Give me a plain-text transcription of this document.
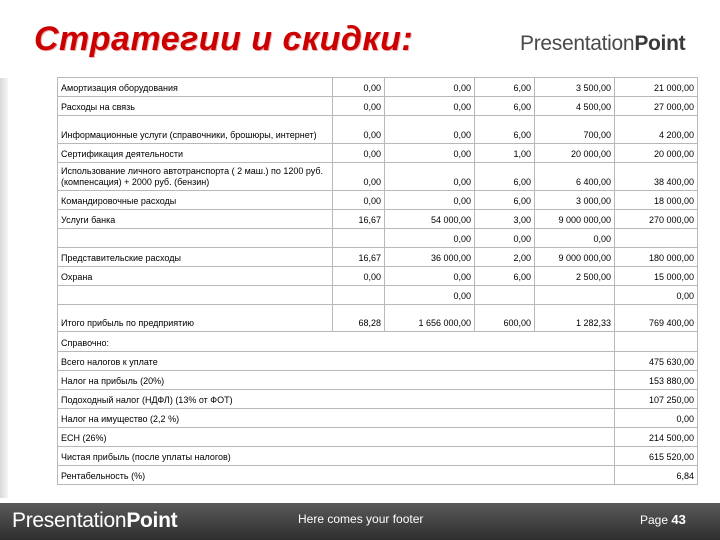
Стратегии и скидки:	PresentationPoint
Амортизация оборудования	0,00	0,00	6,00	3 500,00	21 000,00
Расходы на связь	0,00	0,00	6,00	4 500,00	27 000,00
Информационные услуги (справочники, брошюры, интернет)	0,00	0,00	6,00	700,00	4 200,00
Сертификация деятельности	0,00	0,00	1,00	20 000,00	20 000,00
Использование личного автотранспорта ( 2 маш.) по 1200 руб. (компенсация) + 2000 руб. (бензин)	0,00	0,00	6,00	6 400,00	38 400,00
Командировочные расходы	0,00	0,00	6,00	3 000,00	18 000,00
Услуги банка	16,67	54 000,00	3,00	9 000 000,00	270 000,00
		0,00	0,00	0,00	
Представительские расходы	16,67	36 000,00	2,00	9 000 000,00	180 000,00
Охрана	0,00	0,00	6,00	2 500,00	15 000,00
		0,00			0,00
Итого прибыль по предприятию	68,28	1 656 000,00	600,00	1 282,33	769 400,00
Справочно:					
Всего налогов к уплате					475 630,00
Налог на прибыль (20%)					153 880,00
Подоходный налог (НДФЛ) (13% от ФОТ)					107 250,00
Налог на имущество (2,2 %)					0,00
ЕСН (26%)					214 500,00
Чистая прибыль (после уплаты налогов)					615 520,00
Рентабельность (%)					6,84
PresentationPoint	Here comes your footer	Page 43
